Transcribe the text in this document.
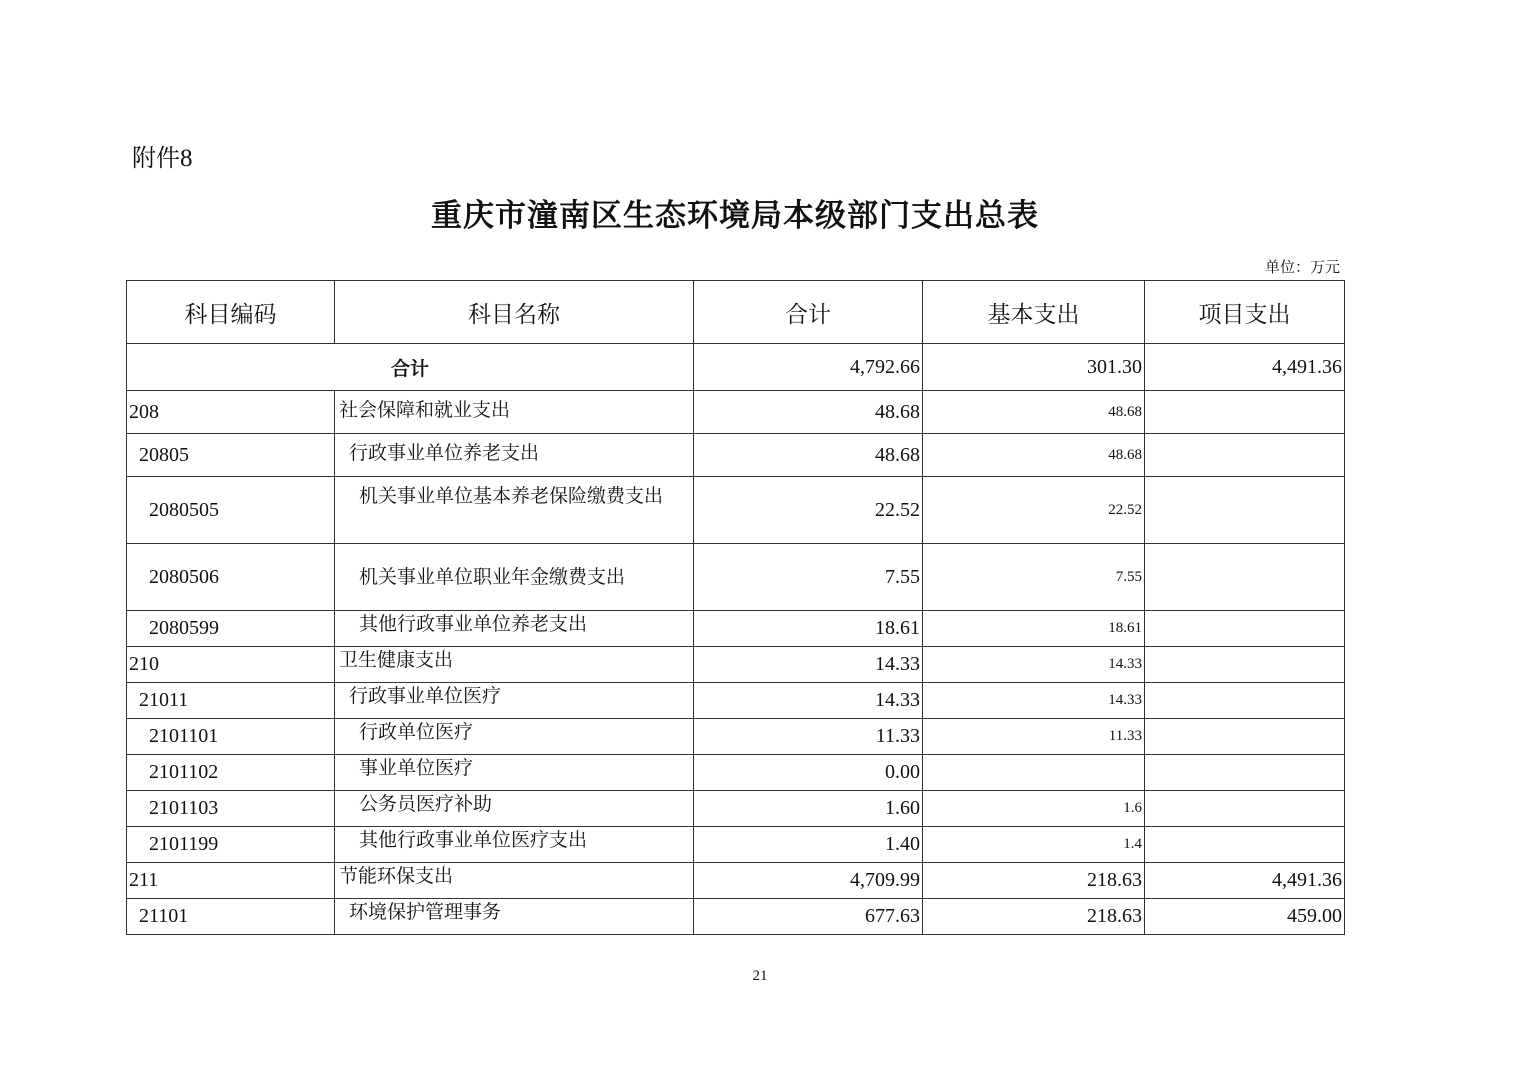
附件8
重庆市潼南区生态环境局本级部门支出总表
单位：万元
科目编码	科目名称	合计	基本支出	项目支出
合计		4,792.66	301.30	4,491.36
208	社会保障和就业支出	48.68	48.68	
20805	行政事业单位养老支出	48.68	48.68	
2080505	机关事业单位基本养老保险缴费支出	22.52	22.52	
2080506	机关事业单位职业年金缴费支出	7.55	7.55	
2080599	其他行政事业单位养老支出	18.61	18.61	
210	卫生健康支出	14.33	14.33	
21011	行政事业单位医疗	14.33	14.33	
2101101	行政单位医疗	11.33	11.33	
2101102	事业单位医疗	0.00		
2101103	公务员医疗补助	1.60	1.6	
2101199	其他行政事业单位医疗支出	1.40	1.4	
211	节能环保支出	4,709.99	218.63	4,491.36
21101	环境保护管理事务	677.63	218.63	459.00
21
